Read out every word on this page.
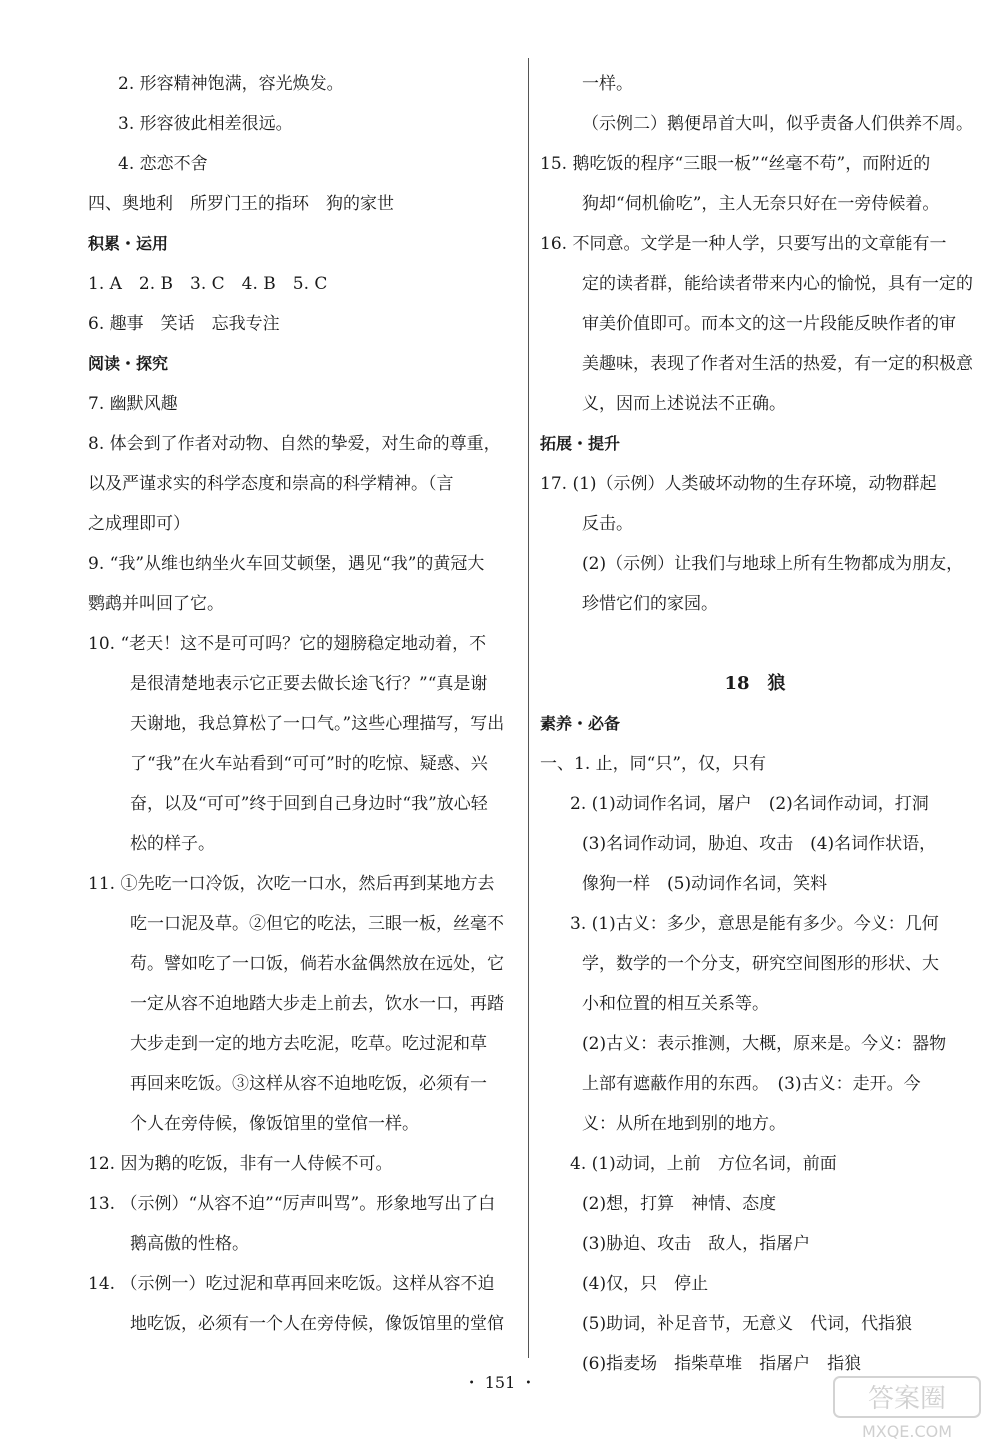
2. 形容精神饱满，容光焕发。
3. 形容彼此相差很远。
4. 恋恋不舍
四、奥地利　所罗门王的指环　狗的家世
积累・运用
1. A　2. B　3. C　4. B　5. C
6. 趣事　笑话　忘我专注
阅读・探究
7. 幽默风趣
8. 体会到了作者对动物、自然的挚爱，对生命的尊重，
以及严谨求实的科学态度和崇高的科学精神。（言
之成理即可）
9. “我”从维也纳坐火车回艾顿堡，遇见“我”的黄冠大
鹦鹉并叫回了它。
10. “老天！这不是可可吗？它的翅膀稳定地动着，不
是很清楚地表示它正要去做长途飞行？”“真是谢
天谢地，我总算松了一口气。”这些心理描写，写出
了“我”在火车站看到“可可”时的吃惊、疑惑、兴
奋，以及“可可”终于回到自己身边时“我”放心轻
松的样子。
11. ①先吃一口冷饭，次吃一口水，然后再到某地方去
吃一口泥及草。②但它的吃法，三眼一板，丝毫不
苟。譬如吃了一口饭，倘若水盆偶然放在远处，它
一定从容不迫地踏大步走上前去，饮水一口，再踏
大步走到一定的地方去吃泥，吃草。吃过泥和草
再回来吃饭。③这样从容不迫地吃饭，必须有一
个人在旁侍候，像饭馆里的堂倌一样。
12. 因为鹅的吃饭，非有一人侍候不可。
13. （示例）“从容不迫”“厉声叫骂”。形象地写出了白
鹅高傲的性格。
14. （示例一）吃过泥和草再回来吃饭。这样从容不迫
地吃饭，必须有一个人在旁侍候，像饭馆里的堂倌
一样。
（示例二）鹅便昂首大叫，似乎责备人们供养不周。
15. 鹅吃饭的程序“三眼一板”“丝毫不苟”，而附近的
狗却“伺机偷吃”，主人无奈只好在一旁侍候着。
16. 不同意。文学是一种人学，只要写出的文章能有一
定的读者群，能给读者带来内心的愉悦，具有一定的
审美价值即可。而本文的这一片段能反映作者的审
美趣味，表现了作者对生活的热爱，有一定的积极意
义，因而上述说法不正确。
拓展・提升
17. (1)（示例）人类破坏动物的生存环境，动物群起
反击。
(2)（示例）让我们与地球上所有生物都成为朋友，
珍惜它们的家园。
18　狼
素养・必备
一、1. 止，同“只”，仅，只有
2. (1)动词作名词，屠户　(2)名词作动词，打洞
(3)名词作动词，胁迫、攻击　(4)名词作状语，
像狗一样　(5)动词作名词，笑料
3. (1)古义：多少，意思是能有多少。今义：几何
学，数学的一个分支，研究空间图形的形状、大
小和位置的相互关系等。
(2)古义：表示推测，大概，原来是。今义：器物
上部有遮蔽作用的东西。　(3)古义：走开。今
义：从所在地到别的地方。
4. (1)动词，上前　方位名词，前面
(2)想，打算　神情、态度
(3)胁迫、攻击　敌人，指屠户
(4)仅，只　停止
(5)助词，补足音节，无意义　代词，代指狼
(6)指麦场　指柴草堆　指屠户　指狼
・ 151 ・
答案圈
MXQE.COM
